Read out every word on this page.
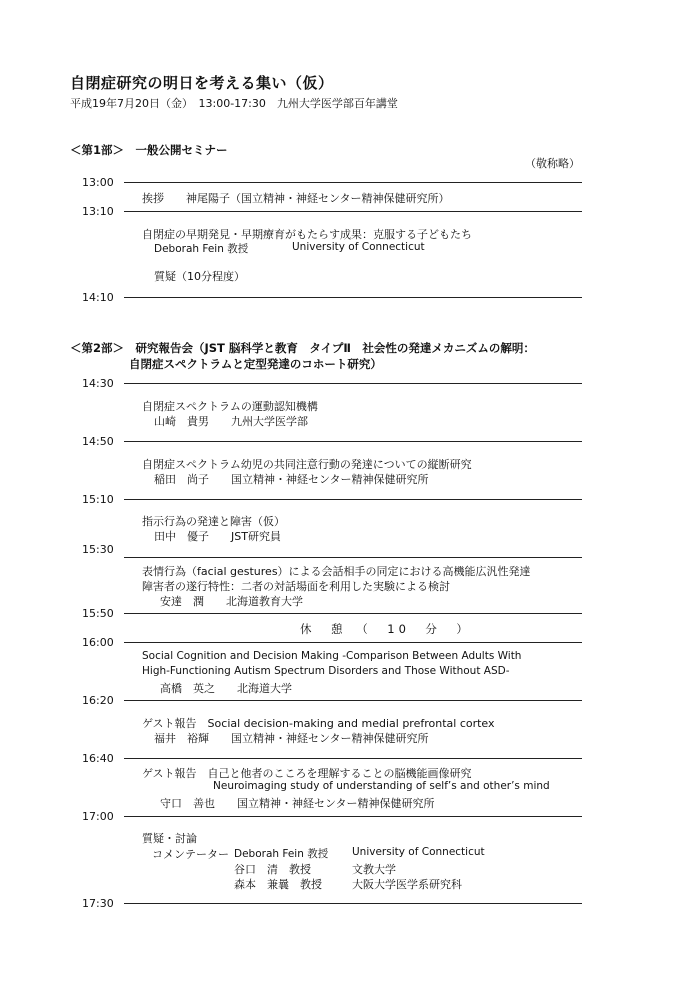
自閉症研究の明日を考える集い（仮）
平成19年7月20日（金）　13:00-17:30　九州大学医学部百年講堂
＜第1部＞　一般公開セミナー
（敬称略）
13:00
挨拶　　神尾陽子（国立精神・神経センター精神保健研究所）
13:10
自閉症の早期発見・早期療育がもたらす成果：克服する子どもたち
Deborah Fein 教授	University of Connecticut
質疑（10分程度）
14:10
＜第2部＞　研究報告会（JST 脳科学と教育　タイプⅡ　社会性の発達メカニズムの解明：
自閉症スペクトラムと定型発達のコホート研究）
14:30
自閉症スペクトラムの運動認知機構
山崎　貴男　　九州大学医学部
14:50
自閉症スペクトラム幼児の共同注意行動の発達についての縦断研究
稲田　尚子　　国立精神・神経センター精神保健研究所
15:10
指示行為の発達と障害（仮）
田中　優子　　JST研究員
15:30
表情行為（facial gestures）による会話相手の同定における高機能広汎性発達
障害者の遂行特性：二者の対話場面を利用した実験による検討
安達　潤　　北海道教育大学
15:50
休　憩　（　10　分　）
16:00
Social Cognition and Decision Making -Comparison Between Adults With
High-Functioning Autism Spectrum Disorders and Those Without ASD-
高橋　英之　　北海道大学
16:20
ゲスト報告　Social decision-making and medial prefrontal cortex
福井　裕輝　　国立精神・神経センター精神保健研究所
16:40
ゲスト報告　自己と他者のこころを理解することの脳機能画像研究
Neuroimaging study of understanding of self’s and other’s mind
守口　善也　　国立精神・神経センター精神保健研究所
17:00
質疑・討論
コメンテーター Deborah Fein 教授 University of Connecticut
谷口　清　教授	文教大学
森本　兼曩　教授	大阪大学医学系研究科
17:30
